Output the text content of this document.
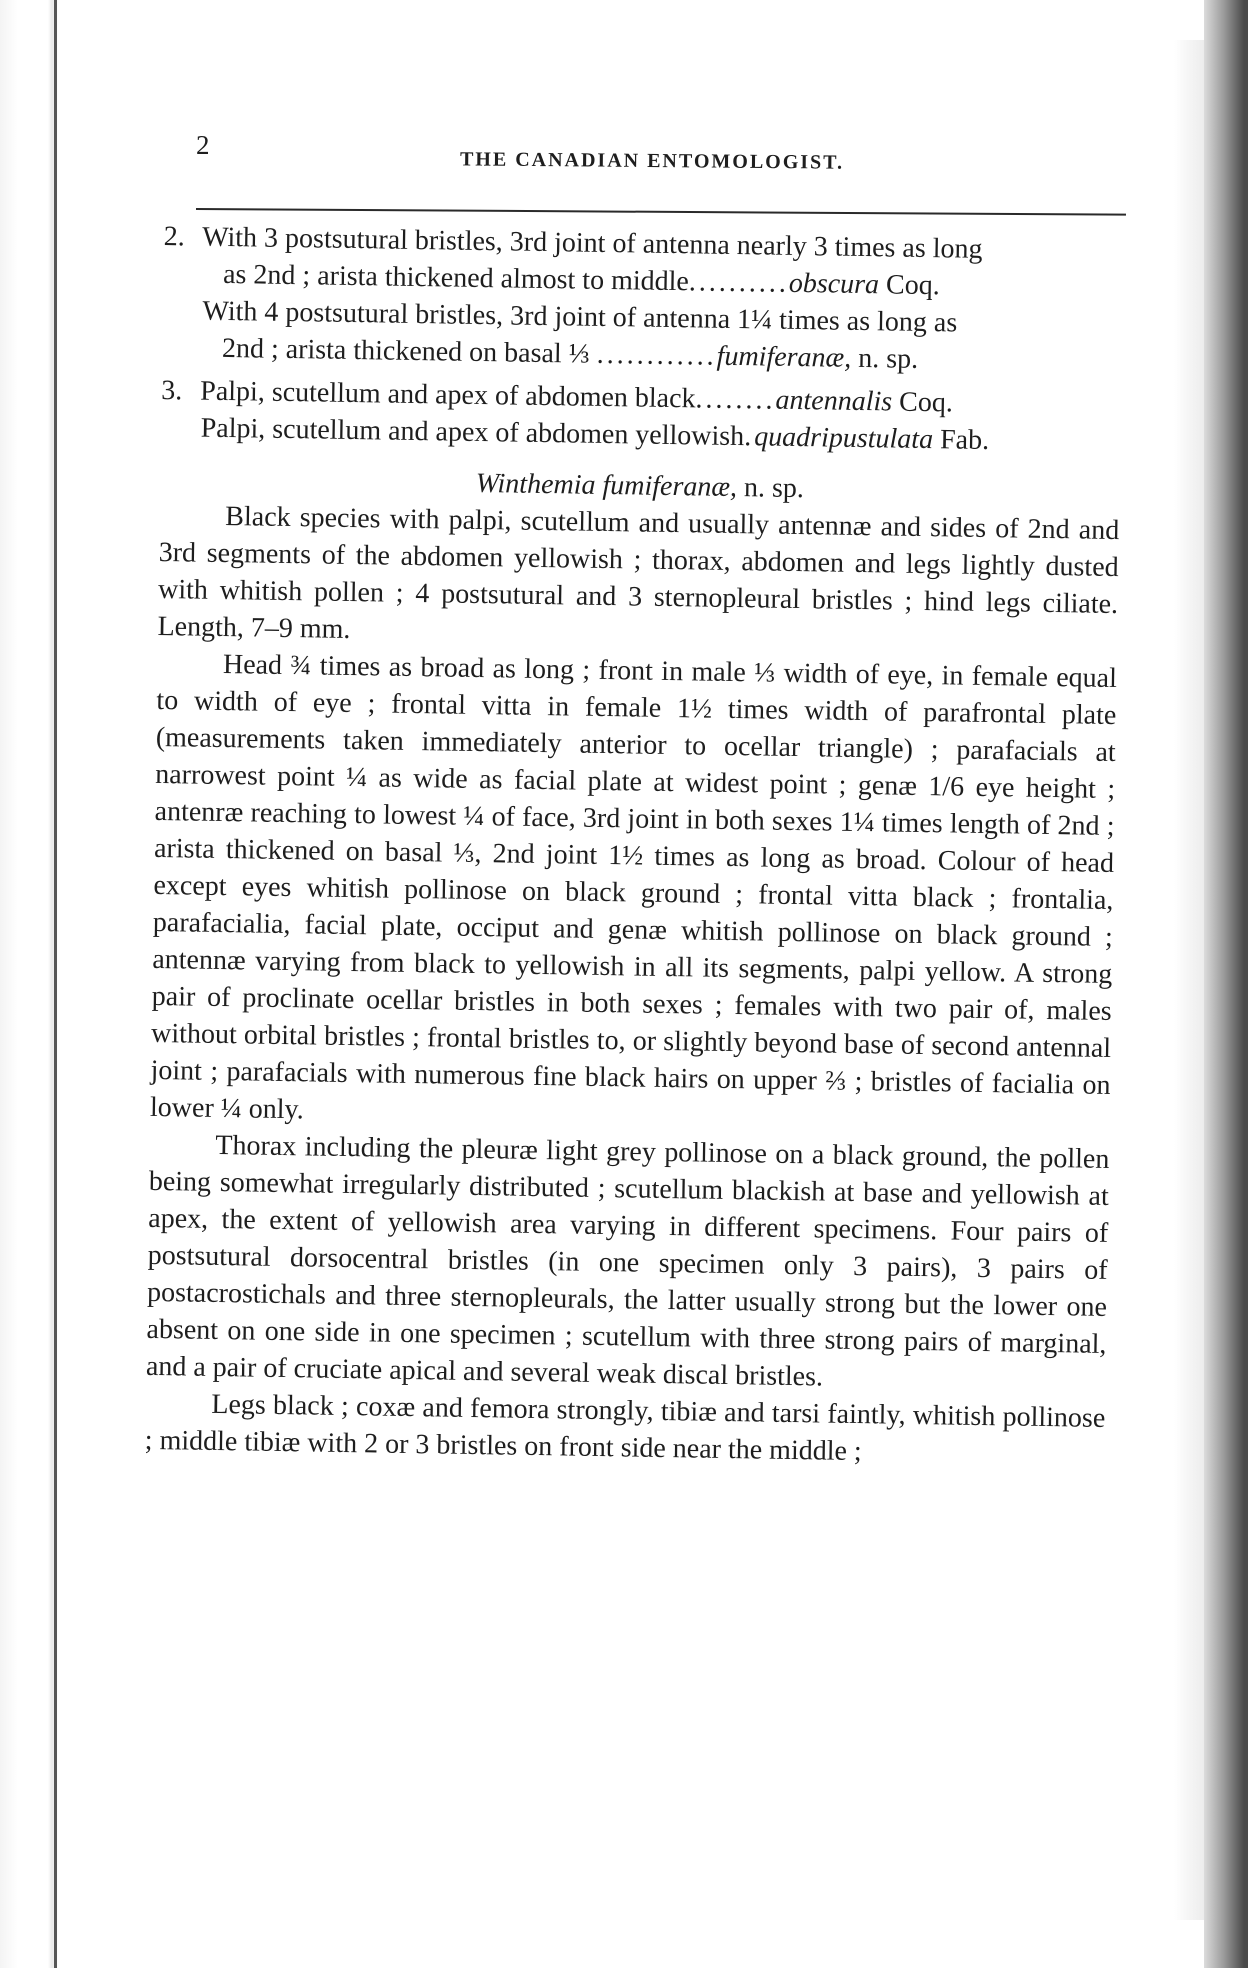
2
THE CANADIAN ENTOMOLOGIST.
2. With 3 postsutural bristles, 3rd joint of antenna nearly 3 times as long
as 2nd ; arista thickened almost to middle..........obscura Coq.
With 4 postsutural bristles, 3rd joint of antenna 1¼ times as long as
2nd ; arista thickened on basal ⅓ ............fumiferanæ, n. sp.
3. Palpi, scutellum and apex of abdomen black........antennalis Coq.
Palpi, scutellum and apex of abdomen yellowish.quadripustulata Fab.

Winthemia fumiferanæ, n. sp.

Black species with palpi, scutellum and usually antennæ and sides of 2nd and 3rd segments of the abdomen yellowish ; thorax, abdomen and legs lightly dusted with whitish pollen ; 4 postsutural and 3 sternopleural bristles ; hind legs ciliate. Length, 7–9 mm.

Head ¾ times as broad as long ; front in male ⅓ width of eye, in female equal to width of eye ; frontal vitta in female 1½ times width of parafrontal plate (measurements taken immediately anterior to ocellar triangle) ; parafacials at narrowest point ¼ as wide as facial plate at widest point ; genæ 1/6 eye height ; antenræ reaching to lowest ¼ of face, 3rd joint in both sexes 1¼ times length of 2nd ; arista thickened on basal ⅓, 2nd joint 1½ times as long as broad. Colour of head except eyes whitish pollinose on black ground ; frontal vitta black ; frontalia, parafacialia, facial plate, occiput and genæ whitish pollinose on black ground ; antennæ varying from black to yellowish in all its segments, palpi yellow. A strong pair of proclinate ocellar bristles in both sexes ; females with two pair of, males without orbital bristles ; frontal bristles to, or slightly beyond base of second antennal joint ; parafacials with numerous fine black hairs on upper ⅔ ; bristles of facialia on lower ¼ only.

Thorax including the pleuræ light grey pollinose on a black ground, the pollen being somewhat irregularly distributed ; scutellum blackish at base and yellowish at apex, the extent of yellowish area varying in different specimens. Four pairs of postsutural dorsocentral bristles (in one specimen only 3 pairs), 3 pairs of postacrostichals and three sternopleurals, the latter usually strong but the lower one absent on one side in one specimen ; scutellum with three strong pairs of marginal, and a pair of cruciate apical and several weak discal bristles.

Legs black ; coxæ and femora strongly, tibiæ and tarsi faintly, whitish pollinose ; middle tibiæ with 2 or 3 bristles on front side near the middle ;
